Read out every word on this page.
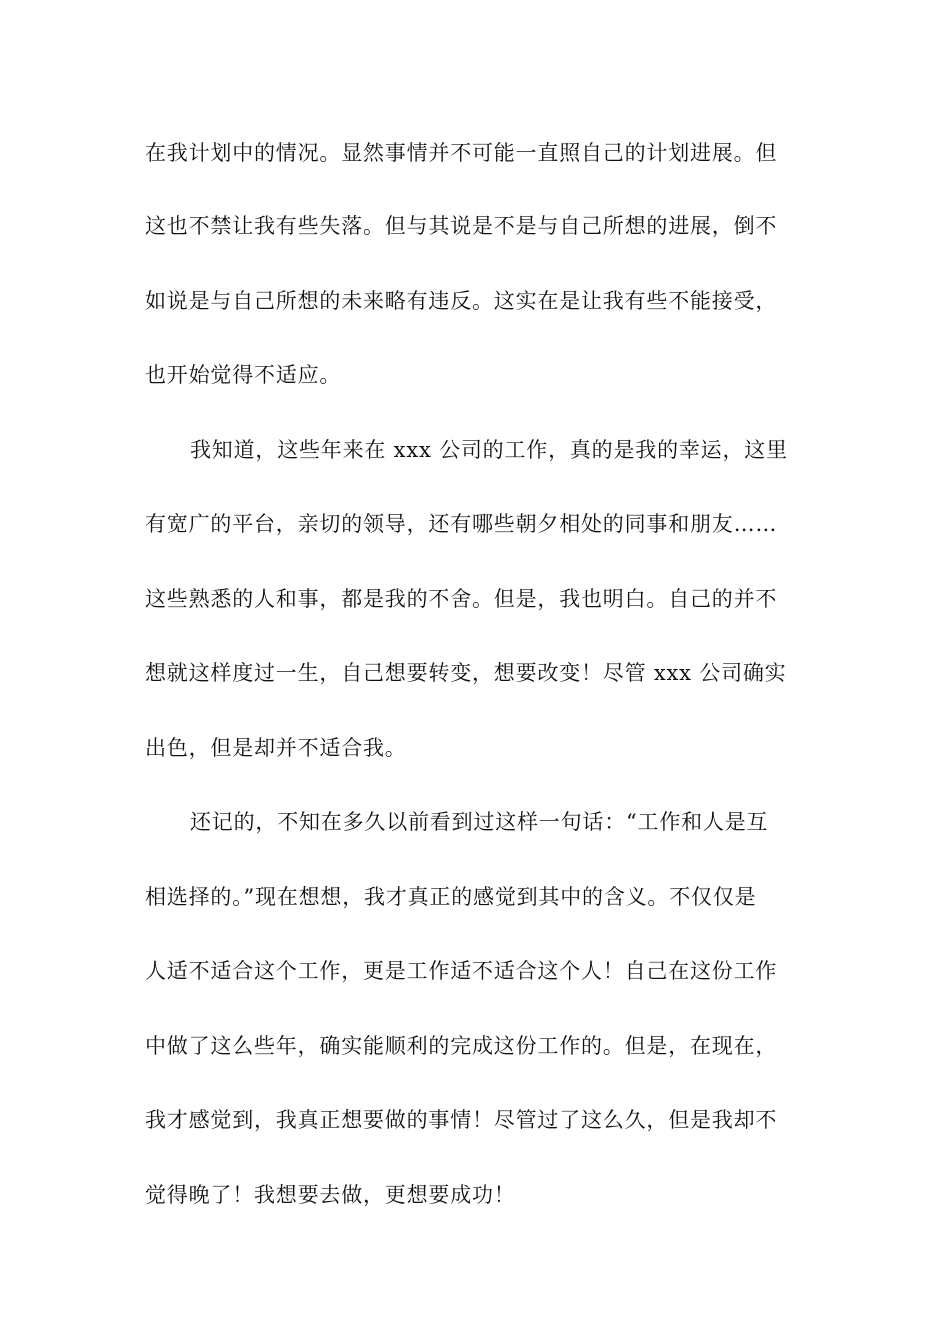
在我计划中的情况。显然事情并不可能一直照自己的计划进展。但
这也不禁让我有些失落。但与其说是不是与自己所想的进展，倒不
如说是与自己所想的未来略有违反。这实在是让我有些不能接受，
也开始觉得不适应。
我知道，这些年来在 xxx 公司的工作，真的是我的幸运，这里
有宽广的平台，亲切的领导，还有哪些朝夕相处的同事和朋友……
这些熟悉的人和事，都是我的不舍。但是，我也明白。自己的并不
想就这样度过一生，自己想要转变，想要改变！尽管 xxx 公司确实
出色，但是却并不适合我。
还记的，不知在多久以前看到过这样一句话：“工作和人是互
相选择的。”现在想想，我才真正的感觉到其中的含义。不仅仅是
人适不适合这个工作，更是工作适不适合这个人！自己在这份工作
中做了这么些年，确实能顺利的完成这份工作的。但是，在现在，
我才感觉到，我真正想要做的事情！尽管过了这么久，但是我却不
觉得晚了！我想要去做，更想要成功！
